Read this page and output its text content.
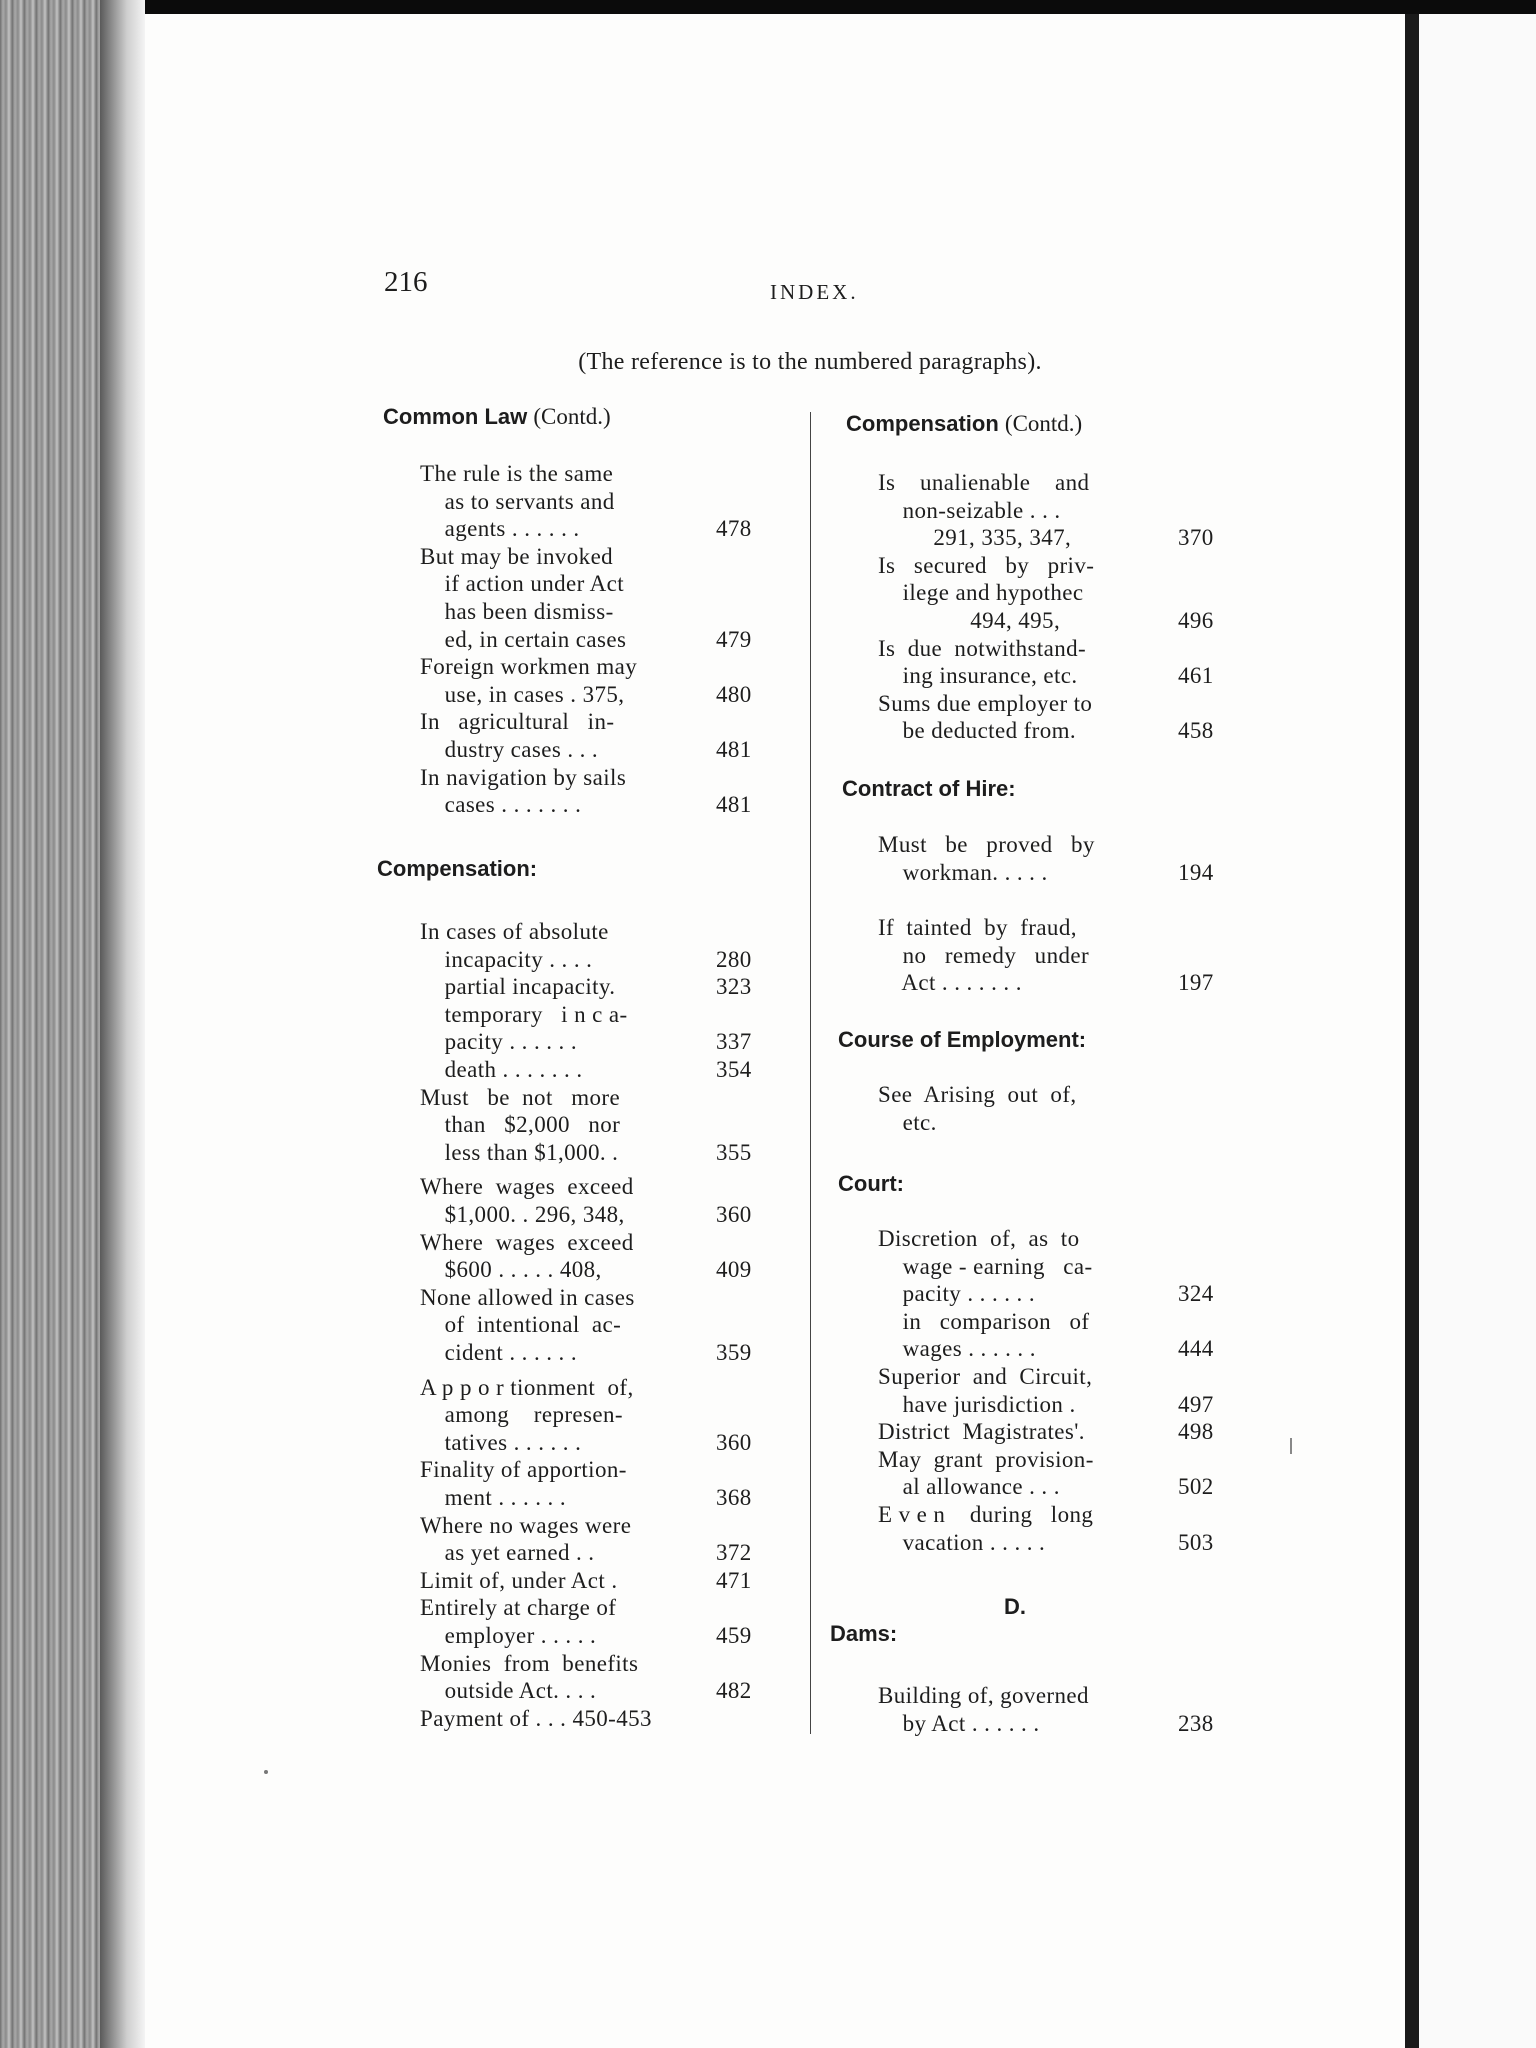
216	INDEX.
(The reference is to the numbered paragraphs).
Common Law (Contd.)
Compensation:
Compensation (Contd.)
Contract of Hire:
Course of Employment:
Court:
D.
Dams:
The rule is the same
as to servants and
agents . . . . . .	478
But may be invoked
if action under Act
has been dismiss-
ed, in certain cases	479
Foreign workmen may
use, in cases . 375,	480
In   agricultural   in-
dustry cases . . .	481
In navigation by sails
cases . . . . . . .	481
In cases of absolute
incapacity . . . .	280
partial incapacity.	323
temporary   i n c a-
pacity . . . . . .	337
death . . . . . . .	354
Must   be  not   more
than   $2,000   nor
less than $1,000. .	355
Where  wages  exceed
$1,000. . 296, 348,	360
Where  wages  exceed
$600 . . . . . 408,	409
None allowed in cases
of  intentional  ac-
cident . . . . . .	359
A p p o r tionment  of,
among    represen-
tatives . . . . . .	360
Finality of apportion-
ment . . . . . .	368
Where no wages were
as yet earned . .	372
Limit of, under Act .	471
Entirely at charge of
employer . . . . .	459
Monies  from  benefits
outside Act. . . .	482
Payment of . . . 450-453
Is    unalienable    and
non-seizable . . .
291, 335, 347,	370
Is   secured   by   priv-
ilege and hypothec
494, 495,	496
Is  due  notwithstand-
ing insurance, etc.	461
Sums due employer to
be deducted from.	458
Must   be   proved   by
workman. . . . .	194
If  tainted  by  fraud,
no   remedy   under
Act . . . . . . .	197
See  Arising  out  of,
etc.
Discretion  of,  as  to
wage - earning   ca-
pacity . . . . . .	324
in   comparison   of
wages . . . . . .	444
Superior  and  Circuit,
have jurisdiction .	497
District  Magistrates'.	498
May  grant  provision-
al allowance . . .	502
E v e n    during   long
vacation . . . . .	503
Building of, governed
by Act . . . . . .	238
